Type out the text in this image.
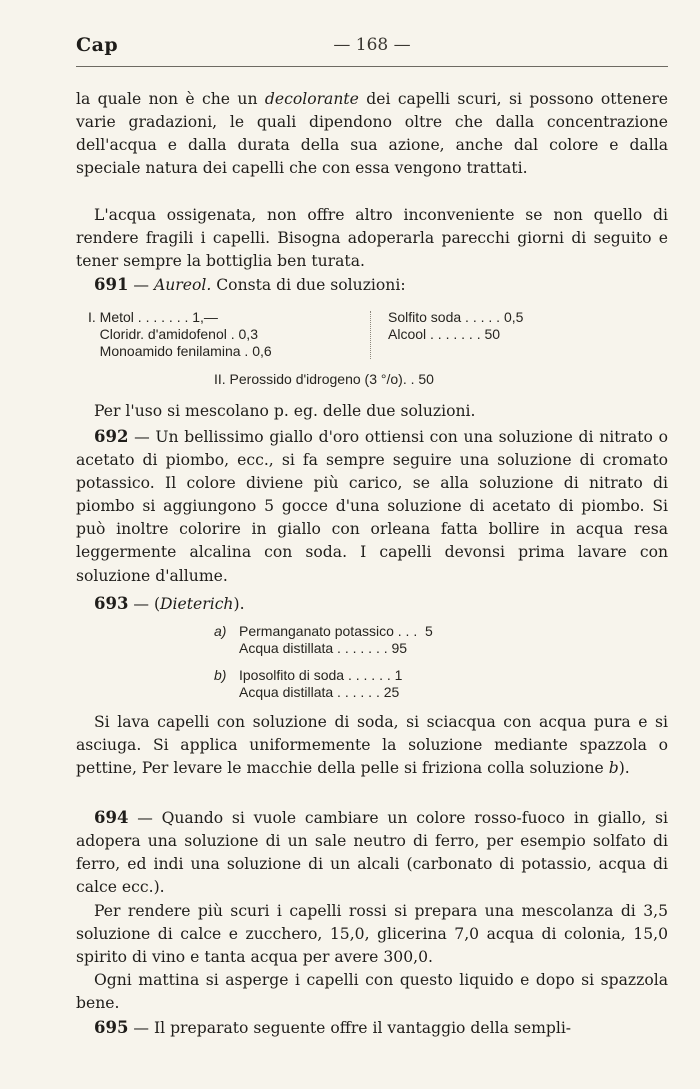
Cap	— 168 —

la quale non è che un decolorante dei capelli scuri, si possono ottenere varie gradazioni, le quali dipendono oltre che dalla concentrazione dell'acqua e dalla durata della sua azione, anche dal colore e dalla speciale natura dei capelli che con essa vengono trattati.

L'acqua ossigenata, non offre altro inconveniente se non quello di rendere fragili i capelli. Bisogna adoperarla parecchi giorni di seguito e tener sempre la bottiglia ben turata.

691 — Aureol. Consta di due soluzioni:

I. Metol . . . . . . . 1,—
Cloridr. d'amidofenol . 0,3
Monoamido fenilamina . 0,6
Solfito soda . . . . . 0,5
Alcool . . . . . . . 50
II. Perossido d'idrogeno (3 °/o). . 50

Per l'uso si mescolano p. eg. delle due soluzioni.

692 — Un bellissimo giallo d'oro ottiensi con una soluzione di nitrato o acetato di piombo, ecc., si fa sempre seguire una soluzione di cromato potassico. Il colore diviene più carico, se alla soluzione di nitrato di piombo si aggiungono 5 gocce d'una soluzione di acetato di piombo. Si può inoltre colorire in giallo con orleana fatta bollire in acqua resa leggermente alcalina con soda. I capelli devonsi prima lavare con soluzione d'allume.

693 — (Dieterich).

a) Permanganato potassico . . .  5
Acqua distillata . . . . . . . 95
b) Iposolfito di soda . . . . . . 1
Acqua distillata . . . . . . 25

Si lava capelli con soluzione di soda, si sciacqua con acqua pura e si asciuga. Si applica uniformemente la soluzione mediante spazzola o pettine, Per levare le macchie della pelle si friziona colla soluzione b).

694 — Quando si vuole cambiare un colore rosso-fuoco in giallo, si adopera una soluzione di un sale neutro di ferro, per esempio solfato di ferro, ed indi una soluzione di un alcali (carbonato di potassio, acqua di calce ecc.).

Per rendere più scuri i capelli rossi si prepara una mescolanza di 3,5 soluzione di calce e zucchero, 15,0, glicerina 7,0 acqua di colonia, 15,0 spirito di vino e tanta acqua per avere 300,0.

Ogni mattina si asperge i capelli con questo liquido e dopo si spazzola bene.

695 — Il preparato seguente offre il vantaggio della sempli-
